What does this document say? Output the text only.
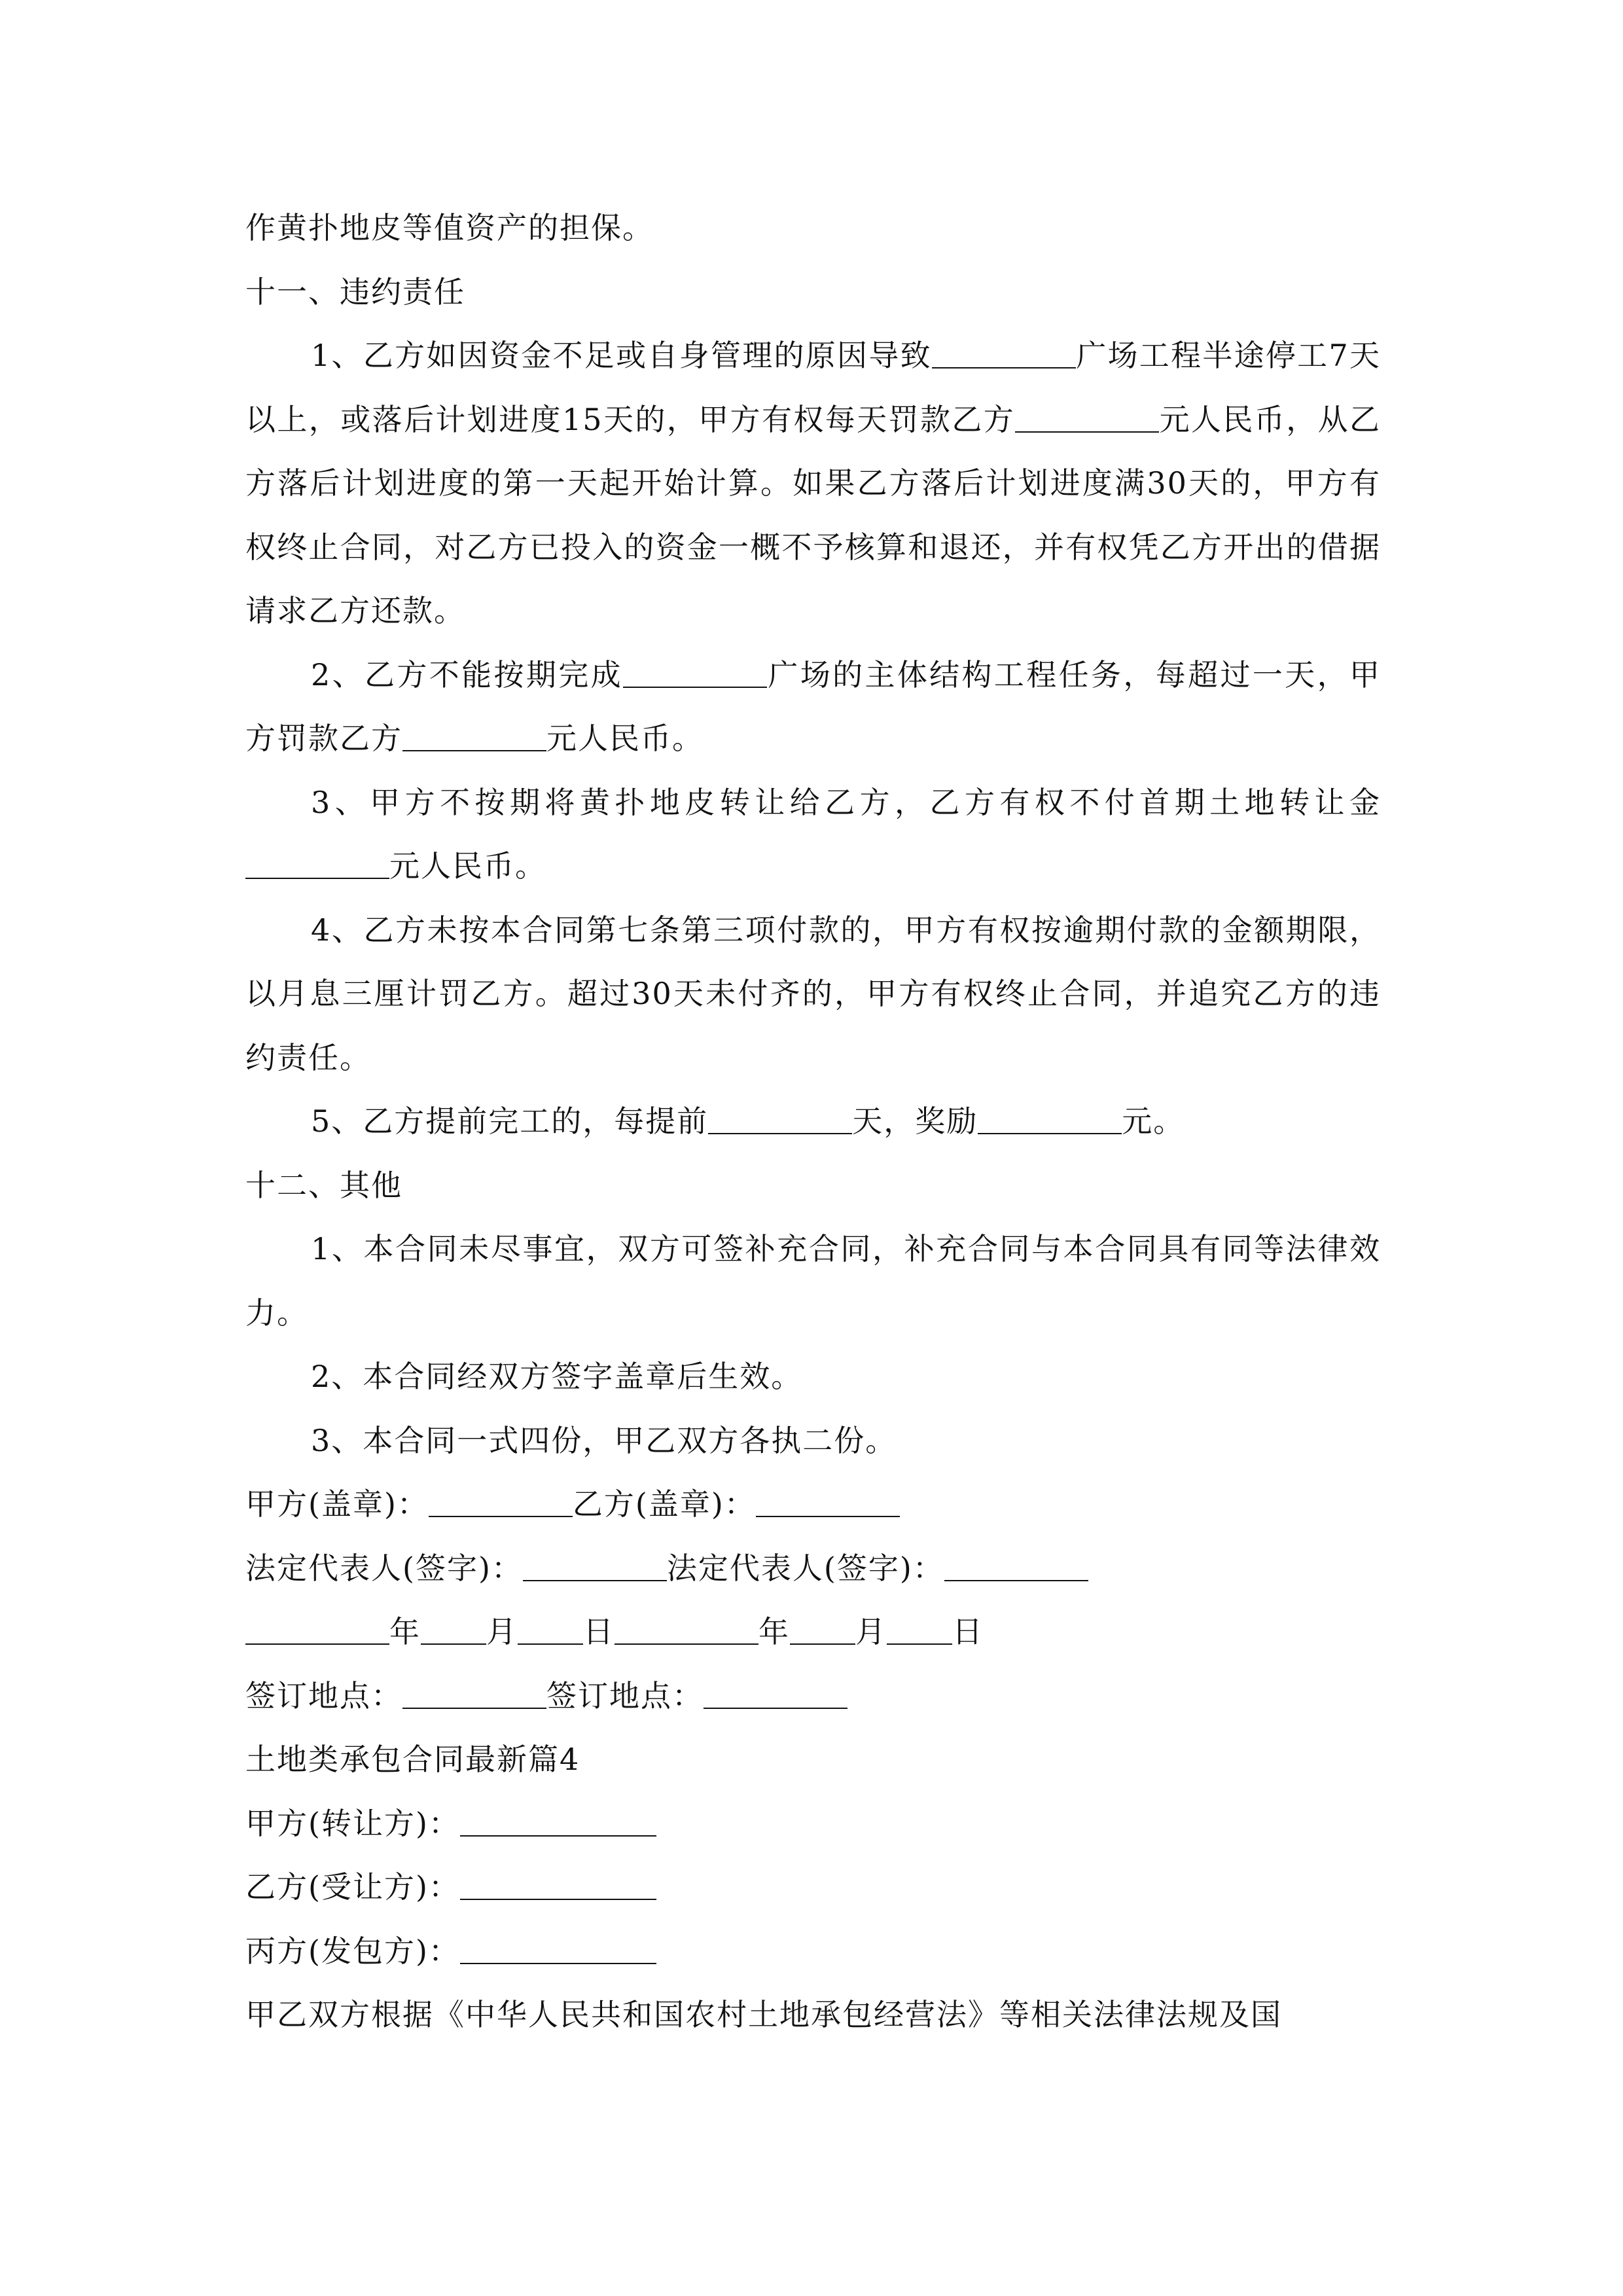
作黄扑地皮等值资产的担保。

十一、违约责任

1、乙方如因资金不足或自身管理的原因导致	广场工程半途停工7天以上，或落后计划进度15天的，甲方有权每天罚款乙方	元人民币，从乙方落后计划进度的第一天起开始计算。如果乙方落后计划进度满30天的，甲方有权终止合同，对乙方已投入的资金一概不予核算和退还，并有权凭乙方开出的借据请求乙方还款。

2、乙方不能按期完成	广场的主体结构工程任务，每超过一天，甲方罚款乙方	元人民币。

3、甲方不按期将黄扑地皮转让给乙方，乙方有权不付首期土地转让金元人民币。

4、乙方未按本合同第七条第三项付款的，甲方有权按逾期付款的金额期限，以月息三厘计罚乙方。超过30天未付齐的，甲方有权终止合同，并追究乙方的违约责任。

5、乙方提前完工的，每提前	天，奖励	元。

十二、其他

1、本合同未尽事宜，双方可签补充合同，补充合同与本合同具有同等法律效力。

2、本合同经双方签字盖章后生效。

3、本合同一式四份，甲乙双方各执二份。

甲方(盖章)：	乙方(盖章)：

法定代表人(签字)：	法定代表人(签字)：

年 月 日	年 月 日

签订地点：	签订地点：

土地类承包合同最新篇4

甲方(转让方)：

乙方(受让方)：

丙方(发包方)：

甲乙双方根据《中华人民共和国农村土地承包经营法》等相关法律法规及国
